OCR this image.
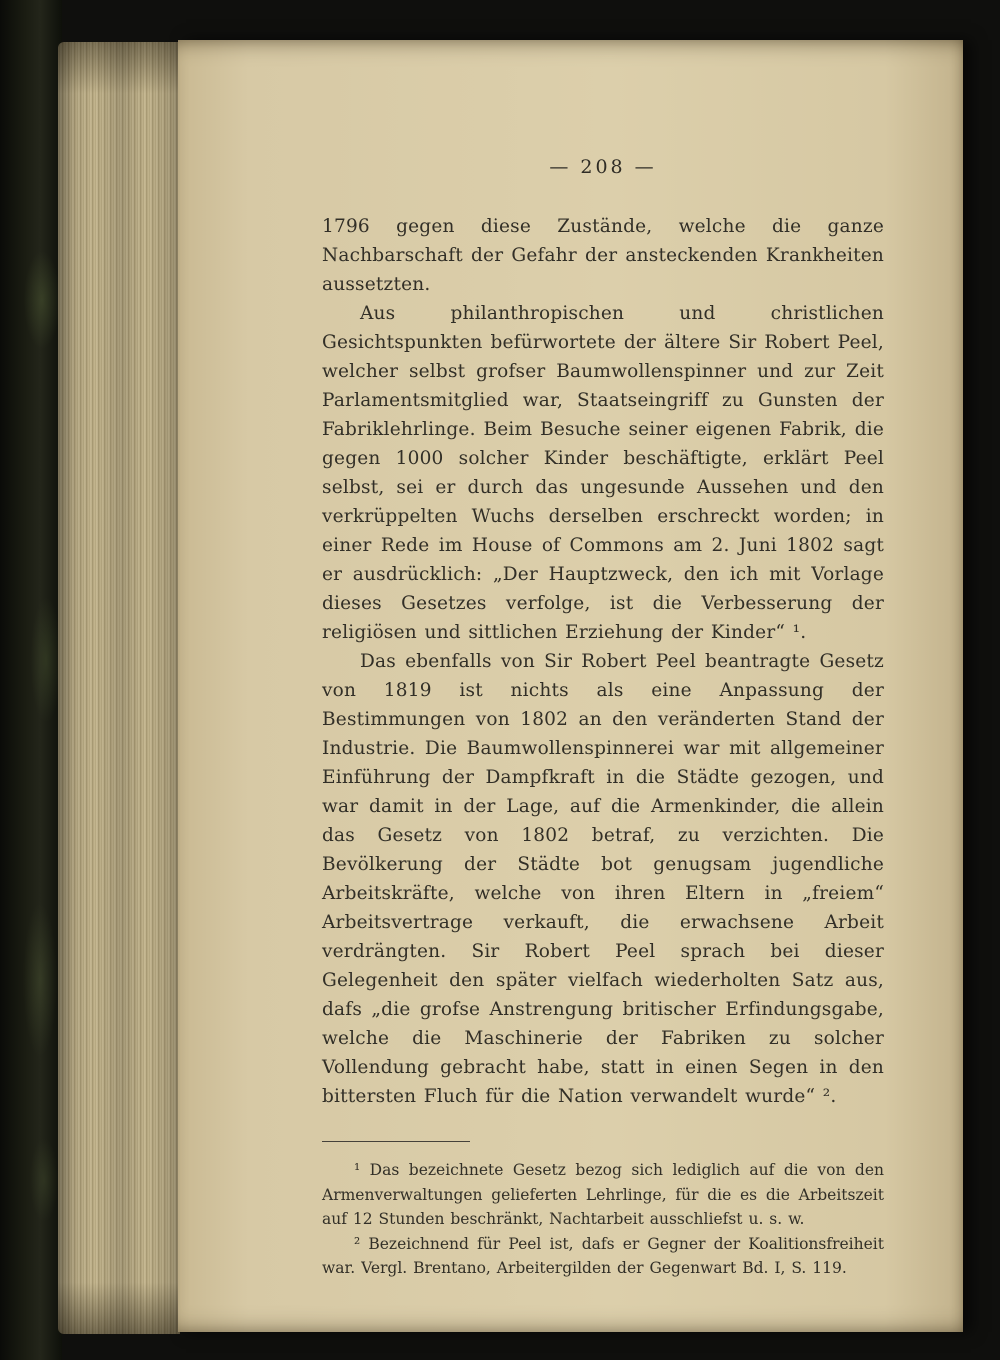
— 208 —

1796 gegen diese Zustände, welche die ganze Nachbarschaft der Gefahr der ansteckenden Krankheiten aussetzten.

Aus philanthropischen und christlichen Gesichtspunkten befürwortete der ältere Sir Robert Peel, welcher selbst grofser Baumwollenspinner und zur Zeit Parlamentsmitglied war, Staatseingriff zu Gunsten der Fabriklehrlinge. Beim Besuche seiner eigenen Fabrik, die gegen 1000 solcher Kinder beschäftigte, erklärt Peel selbst, sei er durch das ungesunde Aussehen und den verkrüppelten Wuchs derselben erschreckt worden; in einer Rede im House of Commons am 2. Juni 1802 sagt er ausdrücklich: „Der Hauptzweck, den ich mit Vorlage dieses Gesetzes verfolge, ist die Verbesserung der religiösen und sittlichen Erziehung der Kinder“ ¹.

Das ebenfalls von Sir Robert Peel beantragte Gesetz von 1819 ist nichts als eine Anpassung der Bestimmungen von 1802 an den veränderten Stand der Industrie. Die Baumwollenspinnerei war mit allgemeiner Einführung der Dampfkraft in die Städte gezogen, und war damit in der Lage, auf die Armenkinder, die allein das Gesetz von 1802 betraf, zu verzichten. Die Bevölkerung der Städte bot genugsam jugendliche Arbeitskräfte, welche von ihren Eltern in „freiem“ Arbeitsvertrage verkauft, die erwachsene Arbeit verdrängten. Sir Robert Peel sprach bei dieser Gelegenheit den später vielfach wiederholten Satz aus, dafs „die grofse Anstrengung britischer Erfindungsgabe, welche die Maschinerie der Fabriken zu solcher Vollendung gebracht habe, statt in einen Segen in den bittersten Fluch für die Nation verwandelt wurde“ ².

¹ Das bezeichnete Gesetz bezog sich lediglich auf die von den Armenverwaltungen gelieferten Lehrlinge, für die es die Arbeitszeit auf 12 Stunden beschränkt, Nachtarbeit ausschliefst u. s. w.

² Bezeichnend für Peel ist, dafs er Gegner der Koalitionsfreiheit war. Vergl. Brentano, Arbeitergilden der Gegenwart Bd. I, S. 119.
